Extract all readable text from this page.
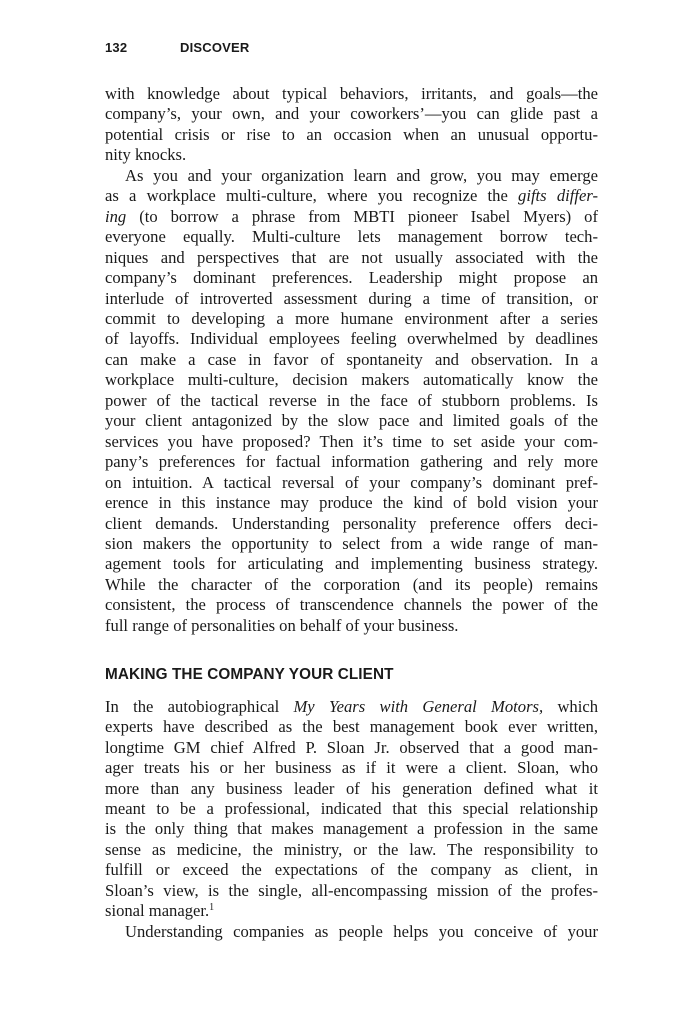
132	DISCOVER

with knowledge about typical behaviors, irritants, and goals—the
company’s, your own, and your coworkers’—you can glide past a
potential crisis or rise to an occasion when an unusual opportu-
nity knocks.

As you and your organization learn and grow, you may emerge
as a workplace multi-culture, where you recognize the gifts differ-
ing (to borrow a phrase from MBTI pioneer Isabel Myers) of
everyone equally. Multi-culture lets management borrow tech-
niques and perspectives that are not usually associated with the
company’s dominant preferences. Leadership might propose an
interlude of introverted assessment during a time of transition, or
commit to developing a more humane environment after a series
of layoffs. Individual employees feeling overwhelmed by deadlines
can make a case in favor of spontaneity and observation. In a
workplace multi-culture, decision makers automatically know the
power of the tactical reverse in the face of stubborn problems. Is
your client antagonized by the slow pace and limited goals of the
services you have proposed? Then it’s time to set aside your com-
pany’s preferences for factual information gathering and rely more
on intuition. A tactical reversal of your company’s dominant pref-
erence in this instance may produce the kind of bold vision your
client demands. Understanding personality preference offers deci-
sion makers the opportunity to select from a wide range of man-
agement tools for articulating and implementing business strategy.
While the character of the corporation (and its people) remains
consistent, the process of transcendence channels the power of the
full range of personalities on behalf of your business.

MAKING THE COMPANY YOUR CLIENT

In the autobiographical My Years with General Motors, which
experts have described as the best management book ever written,
longtime GM chief Alfred P. Sloan Jr. observed that a good man-
ager treats his or her business as if it were a client. Sloan, who
more than any business leader of his generation defined what it
meant to be a professional, indicated that this special relationship
is the only thing that makes management a profession in the same
sense as medicine, the ministry, or the law. The responsibility to
fulfill or exceed the expectations of the company as client, in
Sloan’s view, is the single, all-encompassing mission of the profes-
sional manager.$^1$

Understanding companies as people helps you conceive of your
